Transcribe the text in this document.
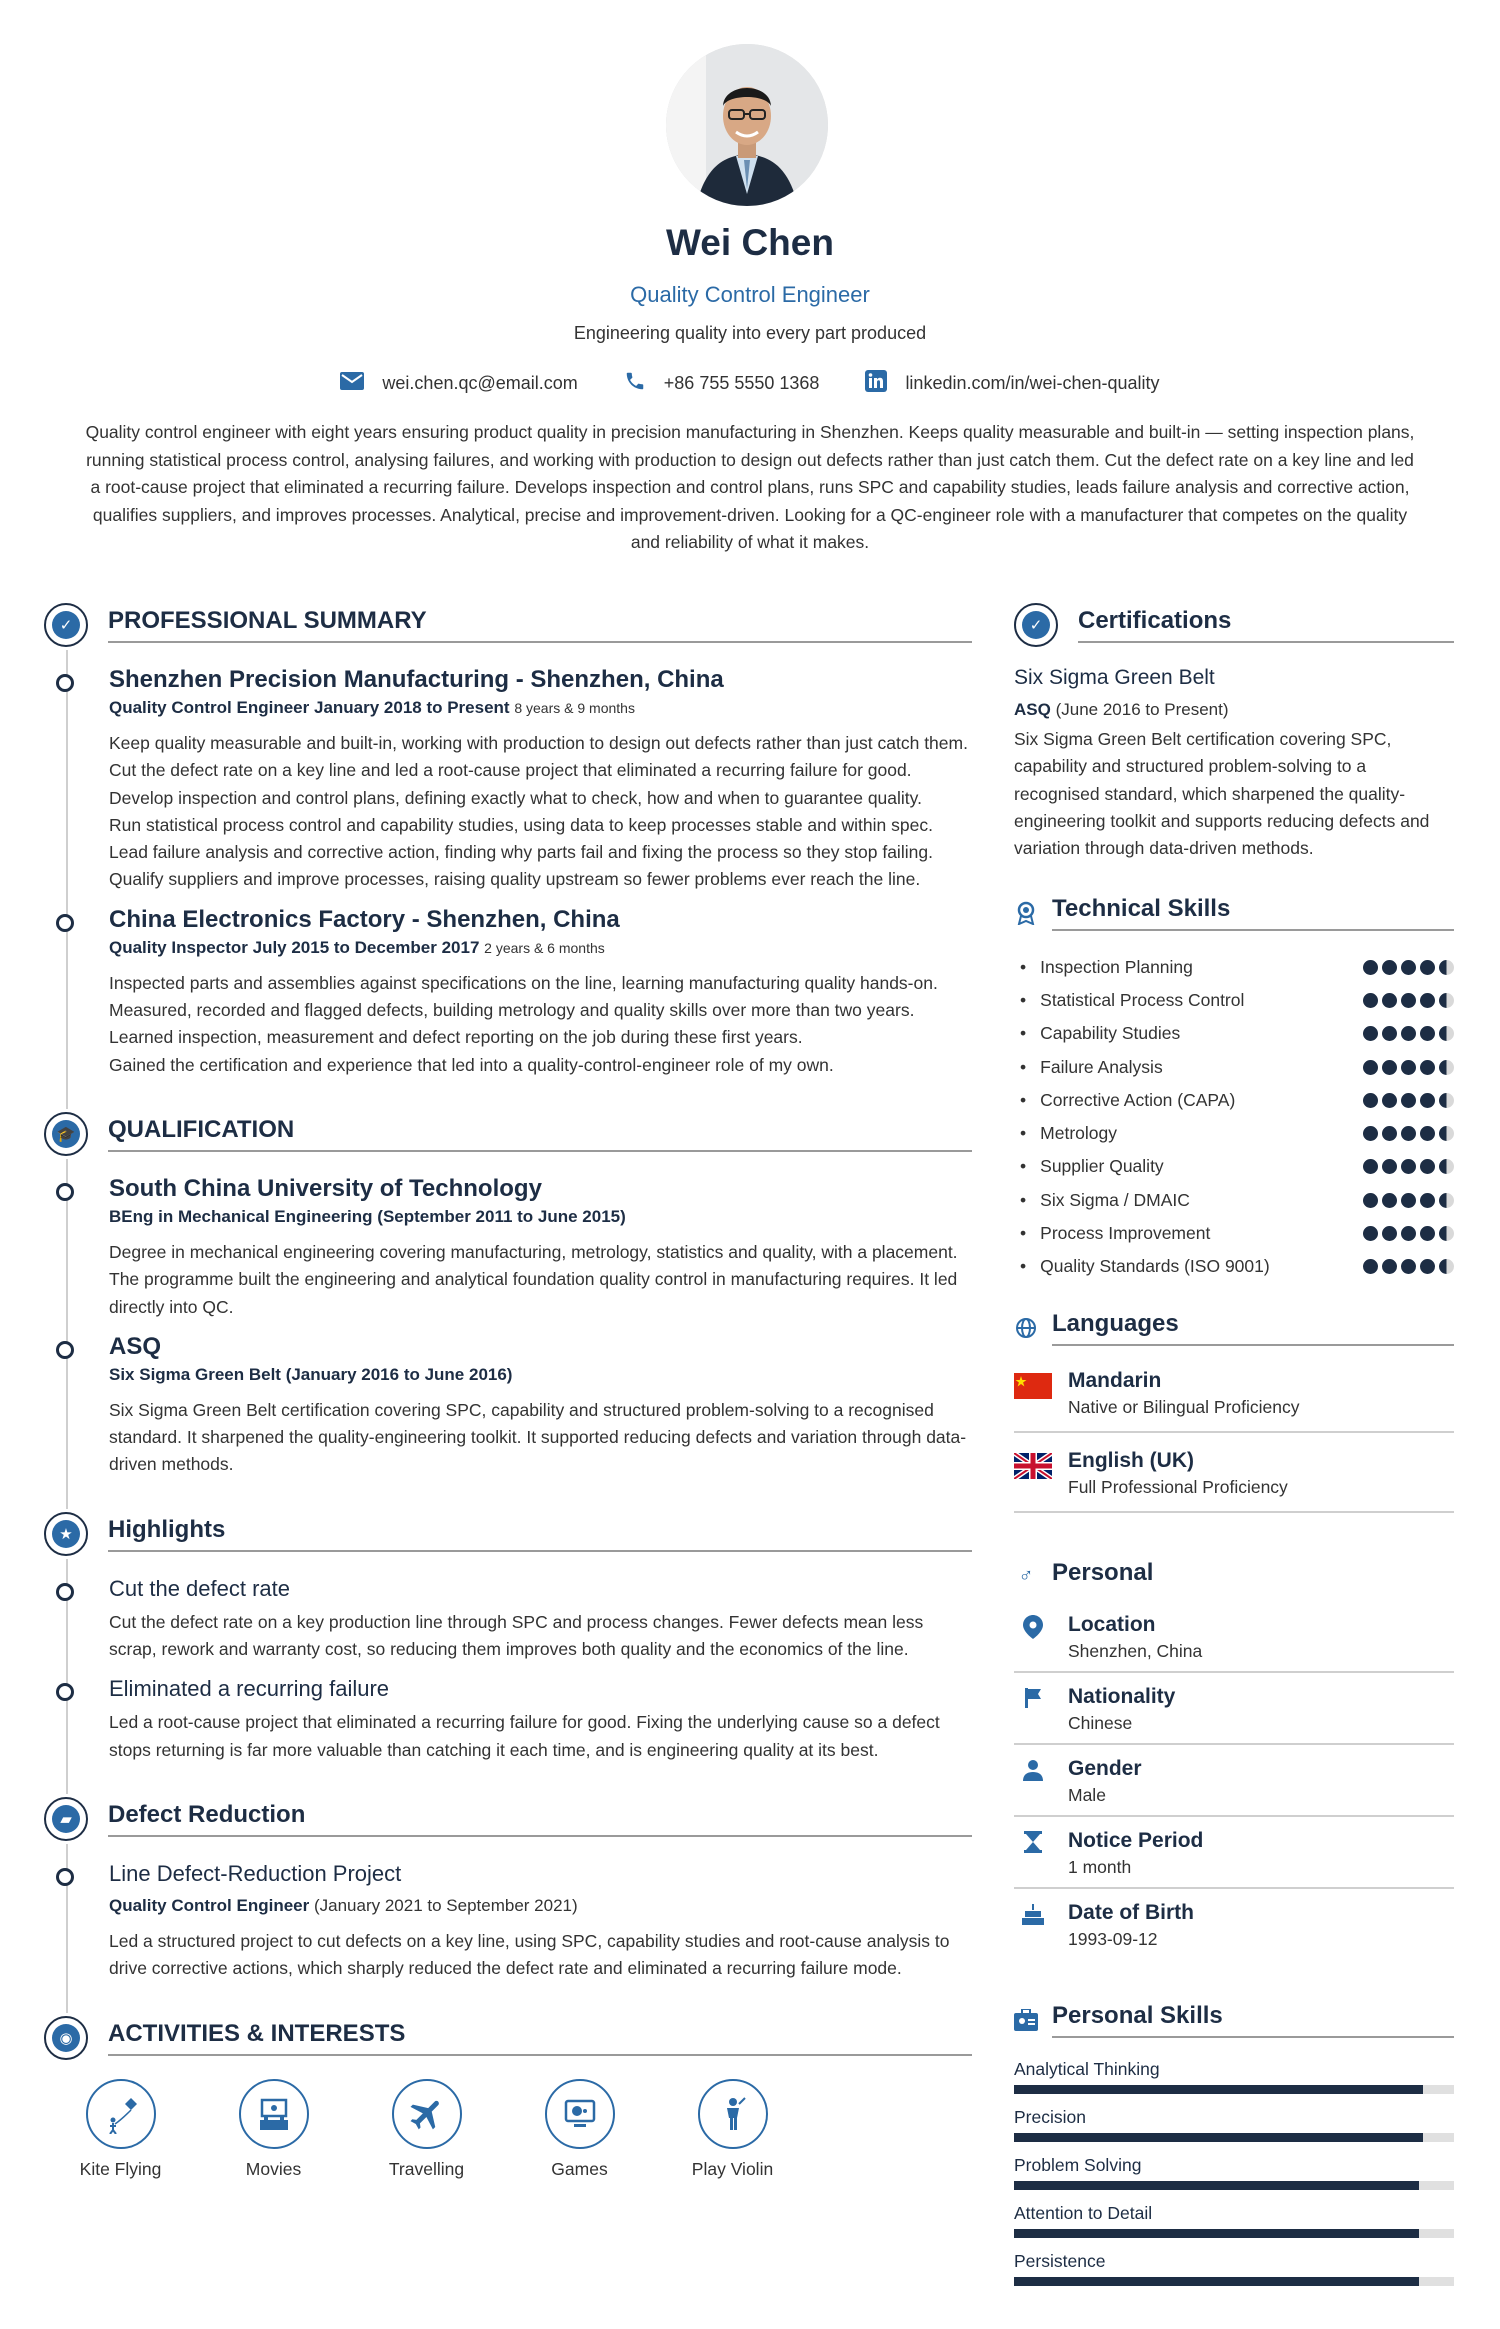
Wei Chen
Quality Control Engineer
Engineering quality into every part produced
wei.chen.qc@email.com	+86 755 5550 1368	linkedin.com/in/wei-chen-quality
Quality control engineer with eight years ensuring product quality in precision manufacturing in Shenzhen. Keeps quality measurable and built-in — setting inspection plans, running statistical process control, analysing failures, and working with production to design out defects rather than just catch them. Cut the defect rate on a key line and led a root-cause project that eliminated a recurring failure. Develops inspection and control plans, runs SPC and capability studies, leads failure analysis and corrective action, qualifies suppliers, and improves processes. Analytical, precise and improvement-driven. Looking for a QC-engineer role with a manufacturer that competes on the quality and reliability of what it makes.
✓	PROFESSIONAL SUMMARY
Shenzhen Precision Manufacturing - Shenzhen, China
Quality Control Engineer January 2018 to Present 8 years & 9 months
Keep quality measurable and built-in, working with production to design out defects rather than just catch them.
Cut the defect rate on a key line and led a root-cause project that eliminated a recurring failure for good.
Develop inspection and control plans, defining exactly what to check, how and when to guarantee quality.
Run statistical process control and capability studies, using data to keep processes stable and within spec.
Lead failure analysis and corrective action, finding why parts fail and fixing the process so they stop failing.
Qualify suppliers and improve processes, raising quality upstream so fewer problems ever reach the line.
China Electronics Factory - Shenzhen, China
Quality Inspector July 2015 to December 2017 2 years & 6 months
Inspected parts and assemblies against specifications on the line, learning manufacturing quality hands-on.
Measured, recorded and flagged defects, building metrology and quality skills over more than two years.
Learned inspection, measurement and defect reporting on the job during these first years.
Gained the certification and experience that led into a quality-control-engineer role of my own.
🎓 QUALIFICATION
South China University of Technology
BEng in Mechanical Engineering (September 2011 to June 2015)
Degree in mechanical engineering covering manufacturing, metrology, statistics and quality, with a placement. The programme built the engineering and analytical foundation quality control in manufacturing requires. It led directly into QC.
ASQ
Six Sigma Green Belt (January 2016 to June 2016)
Six Sigma Green Belt certification covering SPC, capability and structured problem-solving to a recognised standard. It sharpened the quality-engineering toolkit. It supported reducing defects and variation through data-driven methods.
★	Highlights
Cut the defect rate
Cut the defect rate on a key production line through SPC and process changes. Fewer defects mean less scrap, rework and warranty cost, so reducing them improves both quality and the economics of the line.
Eliminated a recurring failure
Led a root-cause project that eliminated a recurring failure for good. Fixing the underlying cause so a defect stops returning is far more valuable than catching it each time, and is engineering quality at its best.
▰	Defect Reduction
Line Defect-Reduction Project
Quality Control Engineer (January 2021 to September 2021)
Led a structured project to cut defects on a key line, using SPC, capability studies and root-cause analysis to drive corrective actions, which sharply reduced the defect rate and eliminated a recurring failure mode.
◉	ACTIVITIES & INTERESTS
Kite Flying	Movies	Travelling	Games	Play Violin
✓	Certifications
Six Sigma Green Belt
ASQ (June 2016 to Present)
Six Sigma Green Belt certification covering SPC, capability and structured problem-solving to a recognised standard, which sharpened the quality-engineering toolkit and supports reducing defects and variation through data-driven methods.
Technical Skills
• Inspection Planning
• Statistical Process Control
• Capability Studies
• Failure Analysis
• Corrective Action (CAPA)
• Metrology
• Supplier Quality
• Six Sigma / DMAIC
• Process Improvement
• Quality Standards (ISO 9001)
Languages
Mandarin
Native or Bilingual Proficiency
English (UK)
Full Professional Proficiency
♂ Personal
Location
Shenzhen, China
Nationality
Chinese
Gender
Male
Notice Period
1 month
Date of Birth
1993-09-12
Personal Skills
Analytical Thinking
Precision
Problem Solving
Attention to Detail
Persistence
